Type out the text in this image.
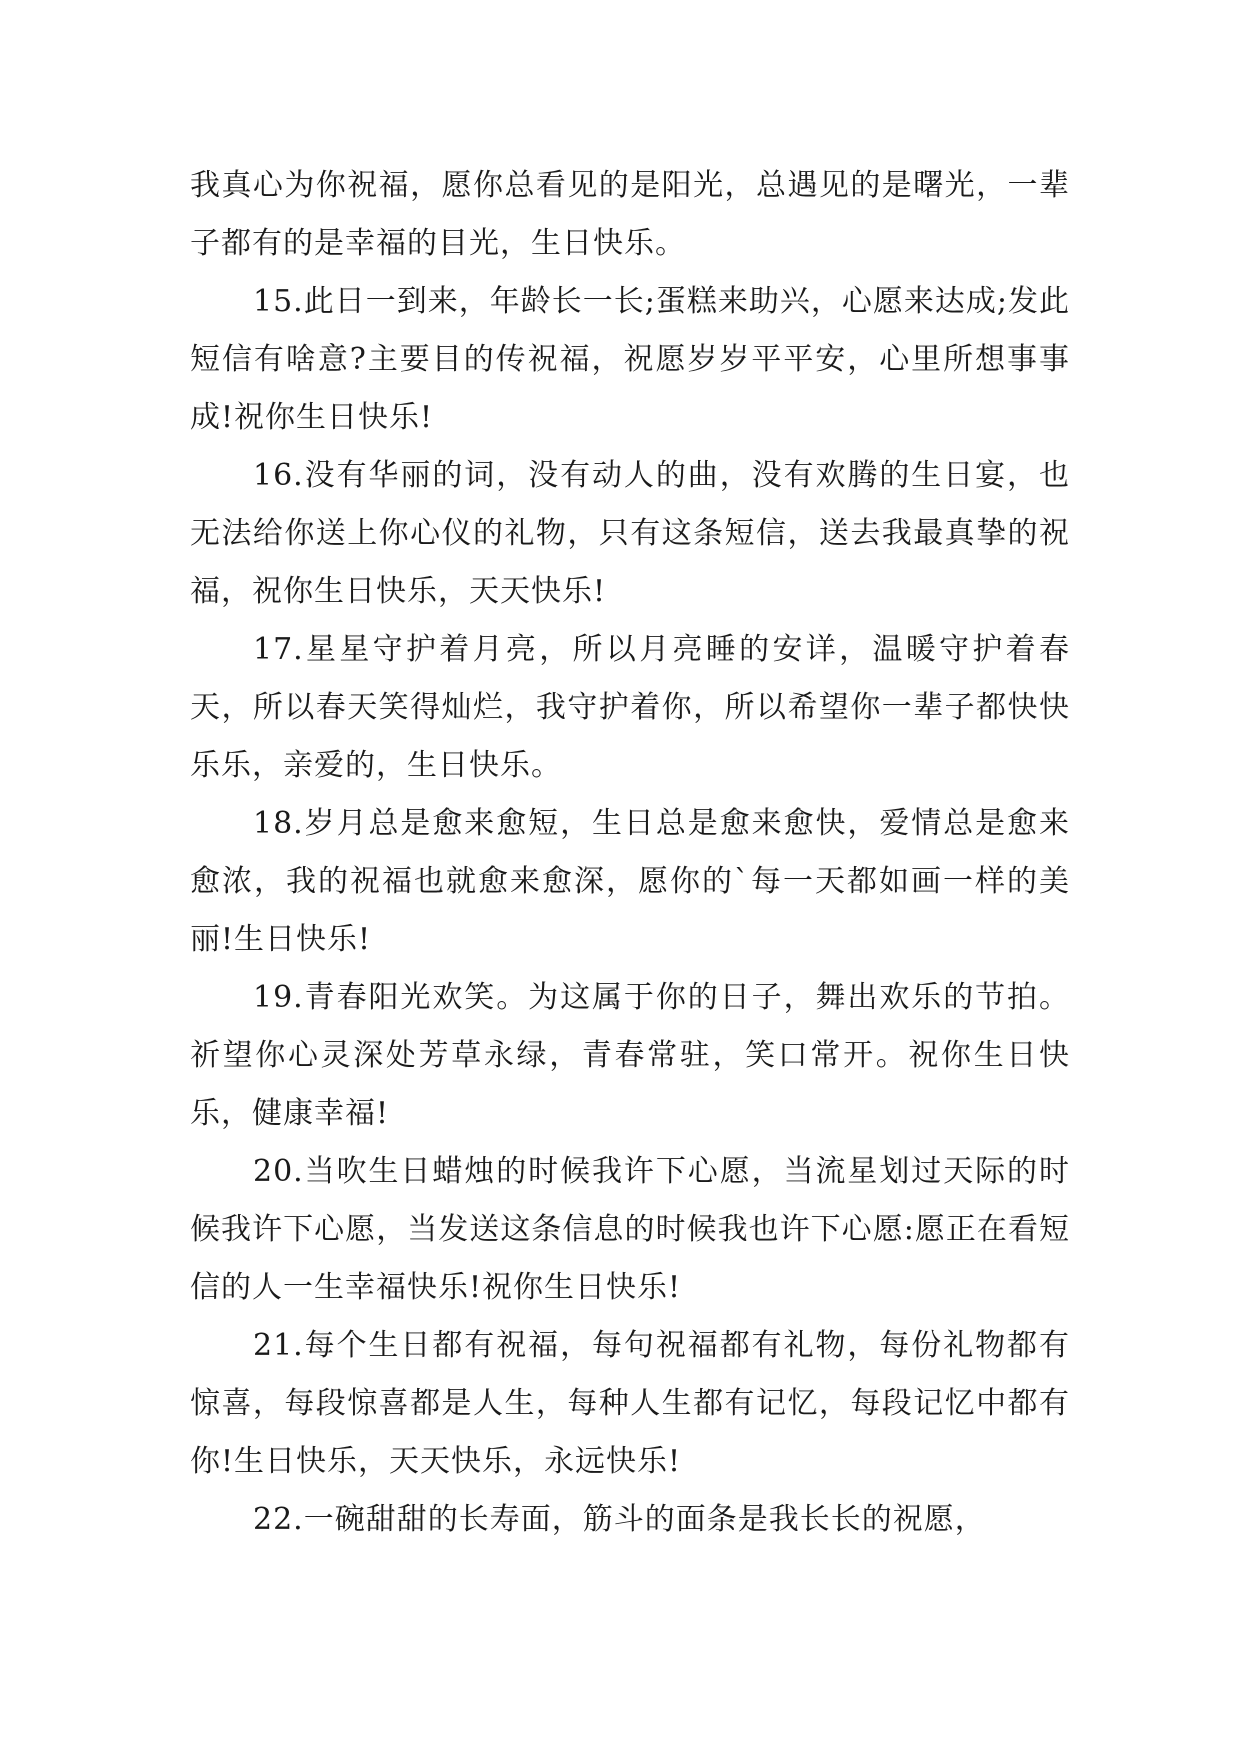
我真心为你祝福，愿你总看见的是阳光，总遇见的是曙光，一辈子都有的是幸福的目光，生日快乐。

15.此日一到来，年龄长一长;蛋糕来助兴，心愿来达成;发此短信有啥意?主要目的传祝福，祝愿岁岁平平安，心里所想事事成!祝你生日快乐!

16.没有华丽的词，没有动人的曲，没有欢腾的生日宴，也无法给你送上你心仪的礼物，只有这条短信，送去我最真挚的祝福，祝你生日快乐，天天快乐!

17.星星守护着月亮，所以月亮睡的安详，温暖守护着春天，所以春天笑得灿烂，我守护着你，所以希望你一辈子都快快乐乐，亲爱的，生日快乐。

18.岁月总是愈来愈短，生日总是愈来愈快，爱情总是愈来愈浓，我的祝福也就愈来愈深，愿你的`每一天都如画一样的美丽!生日快乐!

19.青春阳光欢笑。为这属于你的日子，舞出欢乐的节拍。祈望你心灵深处芳草永绿，青春常驻，笑口常开。祝你生日快乐，健康幸福!

20.当吹生日蜡烛的时候我许下心愿，当流星划过天际的时候我许下心愿，当发送这条信息的时候我也许下心愿:愿正在看短信的人一生幸福快乐!祝你生日快乐!

21.每个生日都有祝福，每句祝福都有礼物，每份礼物都有惊喜，每段惊喜都是人生，每种人生都有记忆，每段记忆中都有你!生日快乐，天天快乐，永远快乐!

22.一碗甜甜的长寿面，筋斗的面条是我长长的祝愿，
